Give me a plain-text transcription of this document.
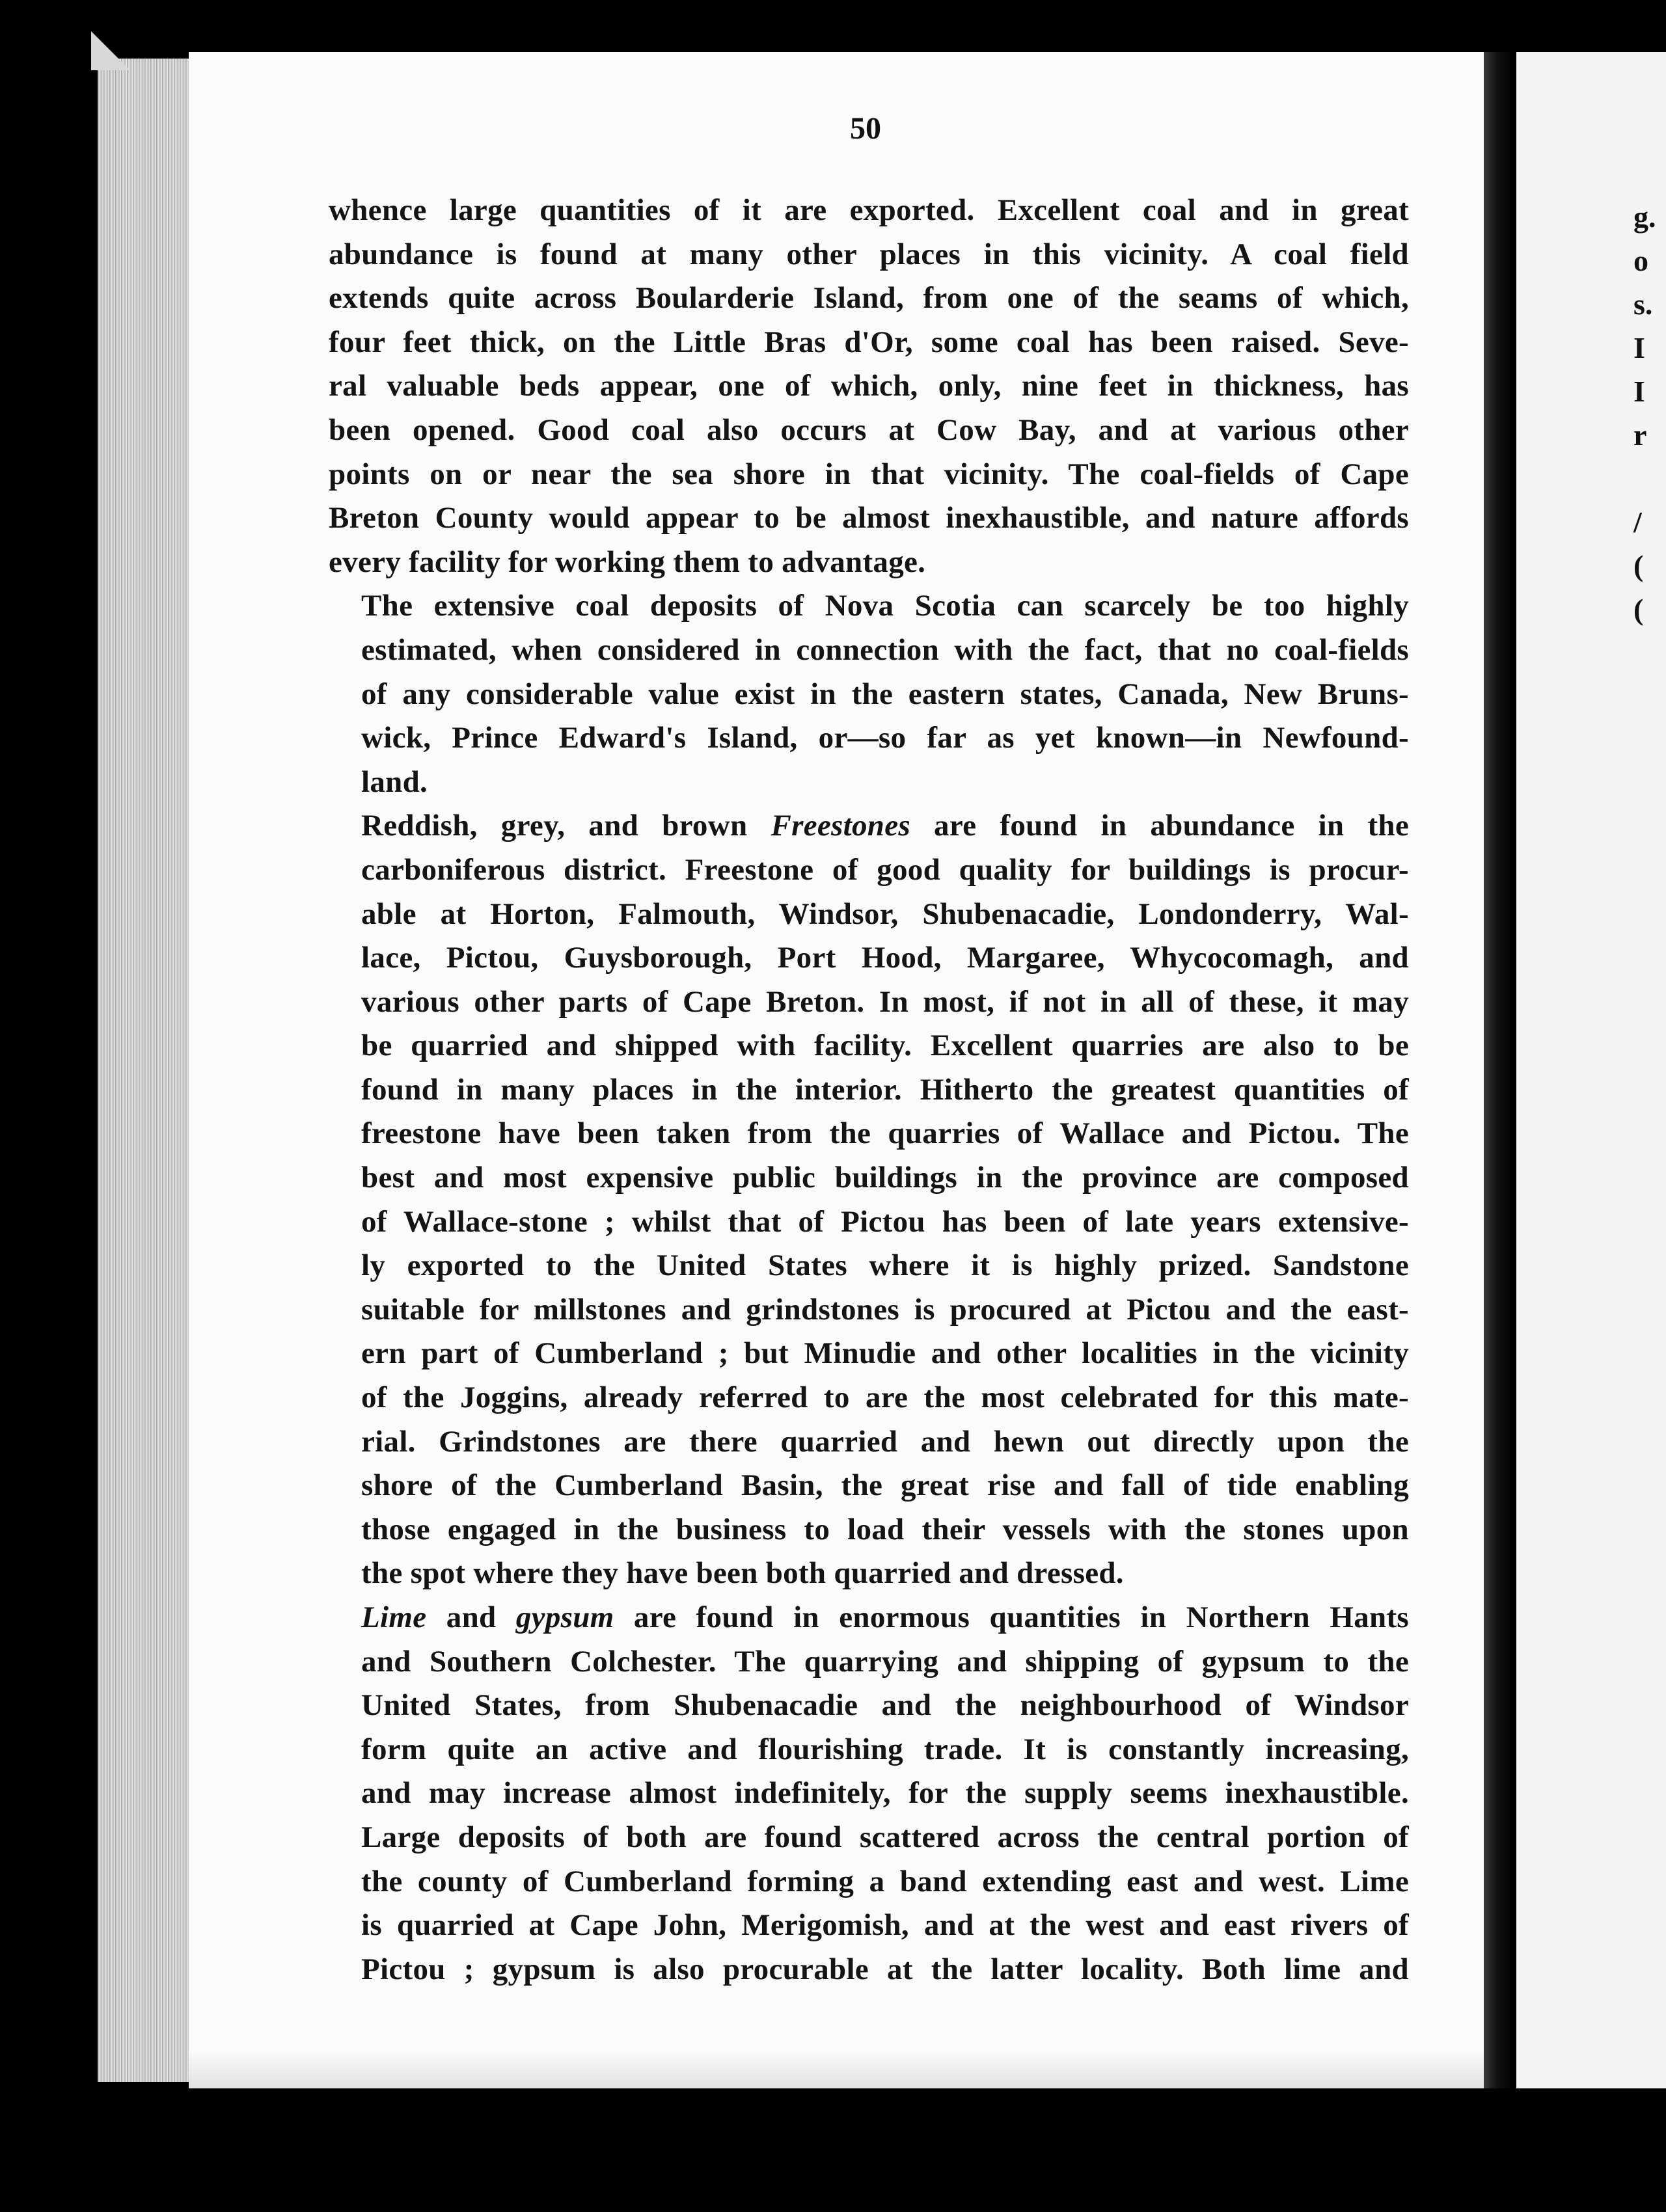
g.
o
s.
I
I
r
/
(
(
50

whence large quantities of it are exported. Excellent coal and in great
abundance is found at many other places in this vicinity. A coal field
extends quite across Boularderie Island, from one of the seams of which,
four feet thick, on the Little Bras d'Or, some coal has been raised. Seve-
ral valuable beds appear, one of which, only, nine feet in thickness, has
been opened. Good coal also occurs at Cow Bay, and at various other
points on or near the sea shore in that vicinity. The coal-fields of Cape
Breton County would appear to be almost inexhaustible, and nature affords
every facility for working them to advantage.

The extensive coal deposits of Nova Scotia can scarcely be too highly
estimated, when considered in connection with the fact, that no coal-fields
of any considerable value exist in the eastern states, Canada, New Bruns-
wick, Prince Edward's Island, or—so far as yet known—in Newfound-
land.

Reddish, grey, and brown Freestones are found in abundance in the
carboniferous district. Freestone of good quality for buildings is procur-
able at Horton, Falmouth, Windsor, Shubenacadie, Londonderry, Wal-
lace, Pictou, Guysborough, Port Hood, Margaree, Whycocomagh, and
various other parts of Cape Breton. In most, if not in all of these, it may
be quarried and shipped with facility. Excellent quarries are also to be
found in many places in the interior. Hitherto the greatest quantities of
freestone have been taken from the quarries of Wallace and Pictou. The
best and most expensive public buildings in the province are composed
of Wallace-stone ; whilst that of Pictou has been of late years extensive-
ly exported to the United States where it is highly prized. Sandstone
suitable for millstones and grindstones is procured at Pictou and the east-
ern part of Cumberland ; but Minudie and other localities in the vicinity
of the Joggins, already referred to are the most celebrated for this mate-
rial. Grindstones are there quarried and hewn out directly upon the
shore of the Cumberland Basin, the great rise and fall of tide enabling
those engaged in the business to load their vessels with the stones upon
the spot where they have been both quarried and dressed.

Lime and gypsum are found in enormous quantities in Northern Hants
and Southern Colchester. The quarrying and shipping of gypsum to the
United States, from Shubenacadie and the neighbourhood of Windsor
form quite an active and flourishing trade. It is constantly increasing,
and may increase almost indefinitely, for the supply seems inexhaustible.
Large deposits of both are found scattered across the central portion of
the county of Cumberland forming a band extending east and west. Lime
is quarried at Cape John, Merigomish, and at the west and east rivers of
Pictou ; gypsum is also procurable at the latter locality. Both lime and
